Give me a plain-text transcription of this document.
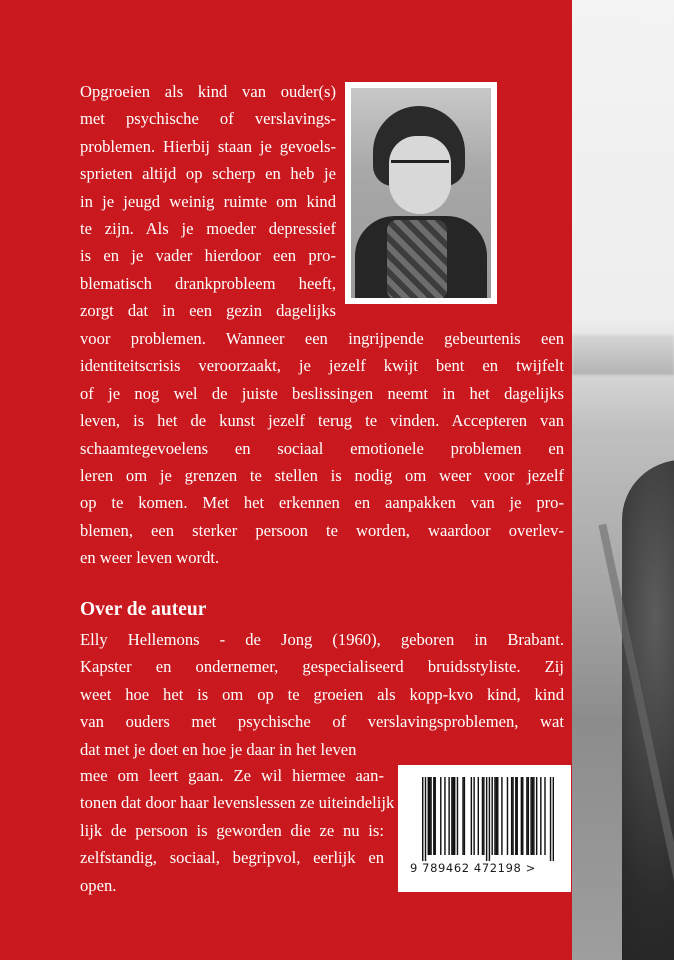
Opgroeien als kind van ouder(s)
met psychische of verslavings-
problemen. Hierbij staan je gevoels-
sprieten altijd op scherp en heb je
in je jeugd weinig ruimte om kind
te zijn. Als je moeder depressief
is en je vader hierdoor een pro-
blematisch drankprobleem heeft,
zorgt dat in een gezin dagelijks
voor problemen. Wanneer een ingrijpende gebeurtenis een
identiteitscrisis veroorzaakt, je jezelf kwijt bent en twijfelt
of je nog wel de juiste beslissingen neemt in het dagelijks
leven, is het de kunst jezelf terug te vinden. Accepteren van
schaamtegevoelens en sociaal emotionele problemen en
leren om je grenzen te stellen is nodig om weer voor jezelf
op te komen. Met het erkennen en aanpakken van je pro-
blemen, een sterker persoon te worden, waardoor overlev-
en weer leven wordt.
Over de auteur
Elly Hellemons - de Jong (1960), geboren in Brabant.
Kapster en ondernemer, gespecialiseerd bruidsstyliste. Zij
weet hoe het is om op te groeien als kopp-kvo kind, kind
van ouders met psychische of verslavingsproblemen, wat
dat met je doet en hoe je daar in het leven
mee om leert gaan. Ze wil hiermee aan-
tonen dat door haar levenslessen ze uiteindelijk
lijk de persoon is geworden die ze nu is:
zelfstandig, sociaal, begripvol, eerlijk en
open.
9 789462 472198 >
